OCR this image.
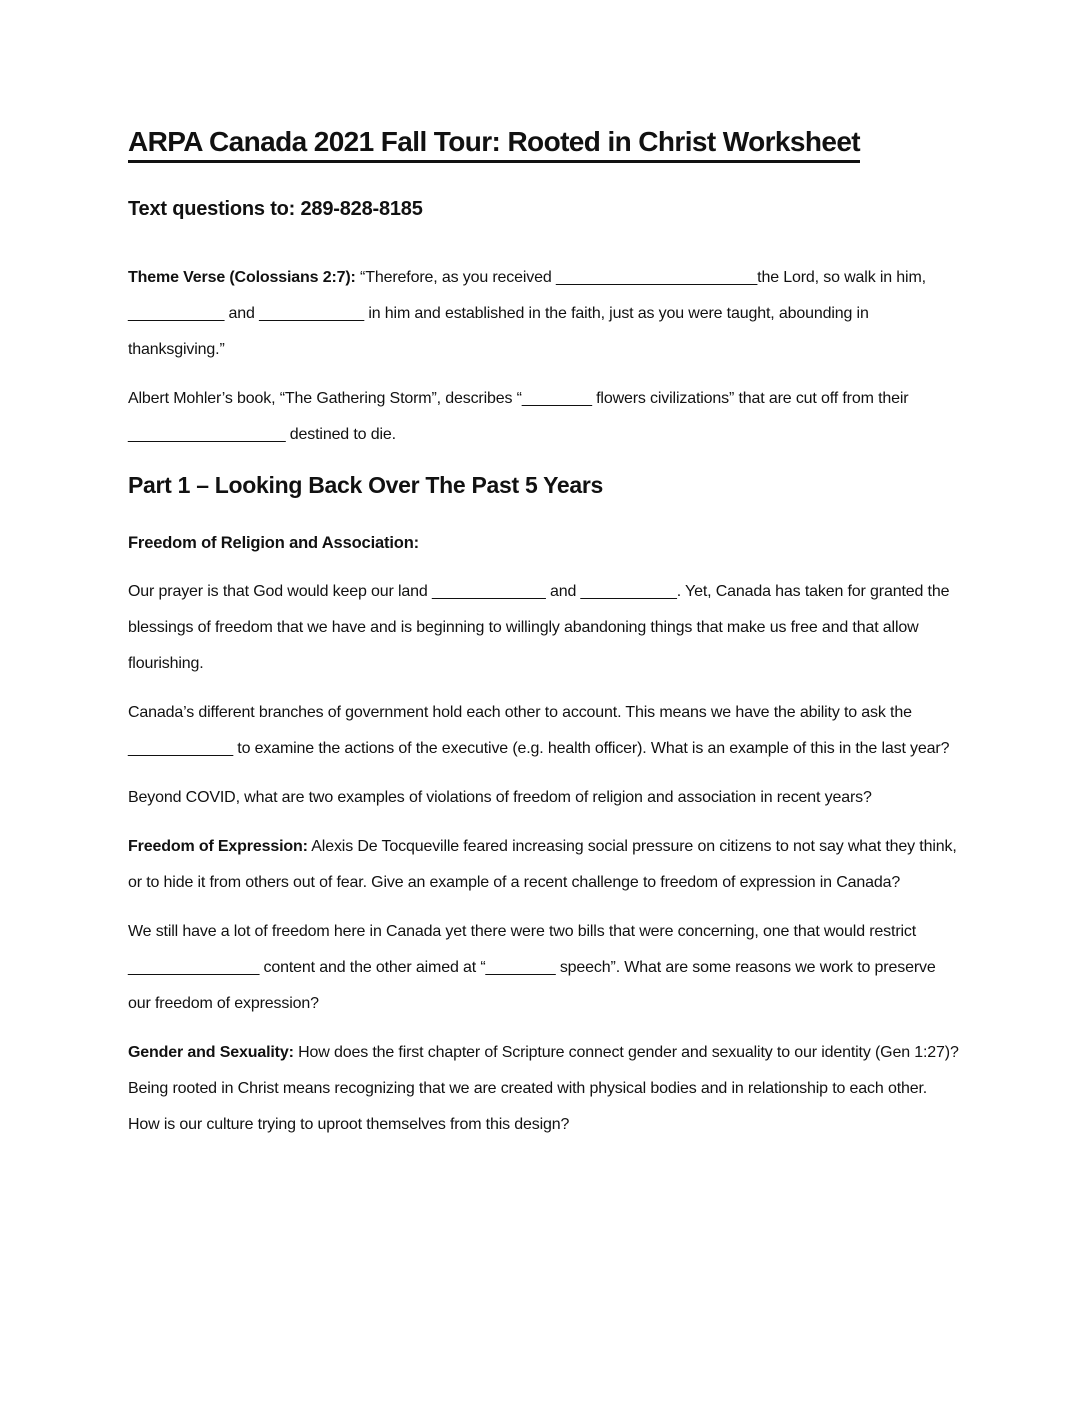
ARPA Canada 2021 Fall Tour: Rooted in Christ Worksheet

Text questions to: 289-828-8185

Theme Verse (Colossians 2:7): “Therefore, as you received _______________________the Lord, so walk in him, ___________ and ____________ in him and established in the faith, just as you were taught, abounding in thanksgiving.”

Albert Mohler’s book, “The Gathering Storm”, describes “________ flowers civilizations” that are cut off from their __________________ destined to die.

Part 1 – Looking Back Over The Past 5 Years
Freedom of Religion and Association:

Our prayer is that God would keep our land _____________ and ___________. Yet, Canada has taken for granted the blessings of freedom that we have and is beginning to willingly abandoning things that make us free and that allow flourishing.

Canada’s different branches of government hold each other to account. This means we have the ability to ask the ____________ to examine the actions of the executive (e.g. health officer). What is an example of this in the last year?

Beyond COVID, what are two examples of violations of freedom of religion and association in recent years?

Freedom of Expression: Alexis De Tocqueville feared increasing social pressure on citizens to not say what they think, or to hide it from others out of fear. Give an example of a recent challenge to freedom of expression in Canada?

We still have a lot of freedom here in Canada yet there were two bills that were concerning, one that would restrict _______________ content and the other aimed at “________ speech”. What are some reasons we work to preserve our freedom of expression?

Gender and Sexuality: How does the first chapter of Scripture connect gender and sexuality to our identity (Gen 1:27)? Being rooted in Christ means recognizing that we are created with physical bodies and in relationship to each other. How is our culture trying to uproot themselves from this design?
